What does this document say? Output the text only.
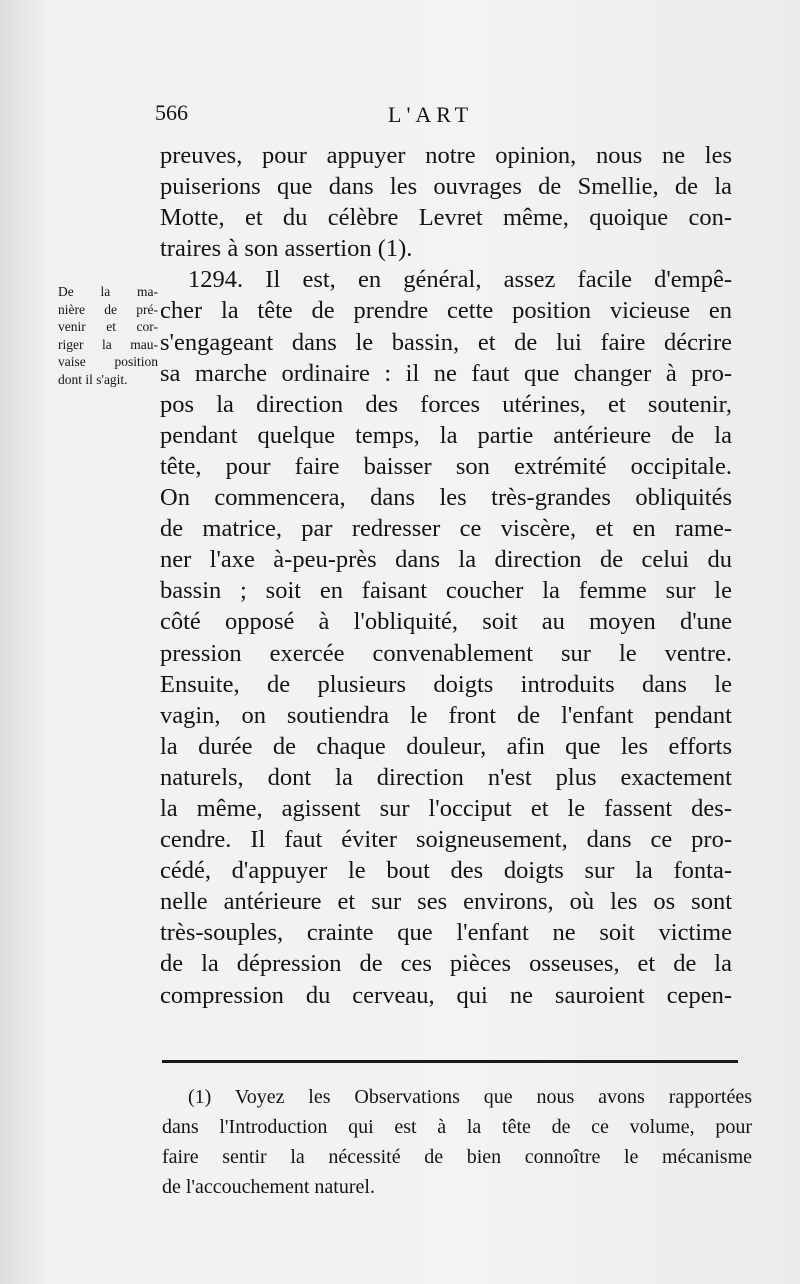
566	L'ART
De la ma-
nière de pré-
venir et cor-
riger la mau-
vaise position
dont il s'agit.
preuves, pour appuyer notre opinion, nous ne les
puiserions que dans les ouvrages de Smellie, de la
Motte, et du célèbre Levret même, quoique con-
traires à son assertion (1).
1294. Il est, en général, assez facile d'empê-
cher la tête de prendre cette position vicieuse en
s'engageant dans le bassin, et de lui faire décrire
sa marche ordinaire : il ne faut que changer à pro-
pos la direction des forces utérines, et soutenir,
pendant quelque temps, la partie antérieure de la
tête, pour faire baisser son extrémité occipitale.
On commencera, dans les très-grandes obliquités
de matrice, par redresser ce viscère, et en rame-
ner l'axe à-peu-près dans la direction de celui du
bassin ; soit en faisant coucher la femme sur le
côté opposé à l'obliquité, soit au moyen d'une
pression exercée convenablement sur le ventre.
Ensuite, de plusieurs doigts introduits dans le
vagin, on soutiendra le front de l'enfant pendant
la durée de chaque douleur, afin que les efforts
naturels, dont la direction n'est plus exactement
la même, agissent sur l'occiput et le fassent des-
cendre. Il faut éviter soigneusement, dans ce pro-
cédé, d'appuyer le bout des doigts sur la fonta-
nelle antérieure et sur ses environs, où les os sont
très-souples, crainte que l'enfant ne soit victime
de la dépression de ces pièces osseuses, et de la
compression du cerveau, qui ne sauroient cepen-
(1) Voyez les Observations que nous avons rapportées
dans l'Introduction qui est à la tête de ce volume, pour
faire sentir la nécessité de bien connoître le mécanisme
de l'accouchement naturel.
